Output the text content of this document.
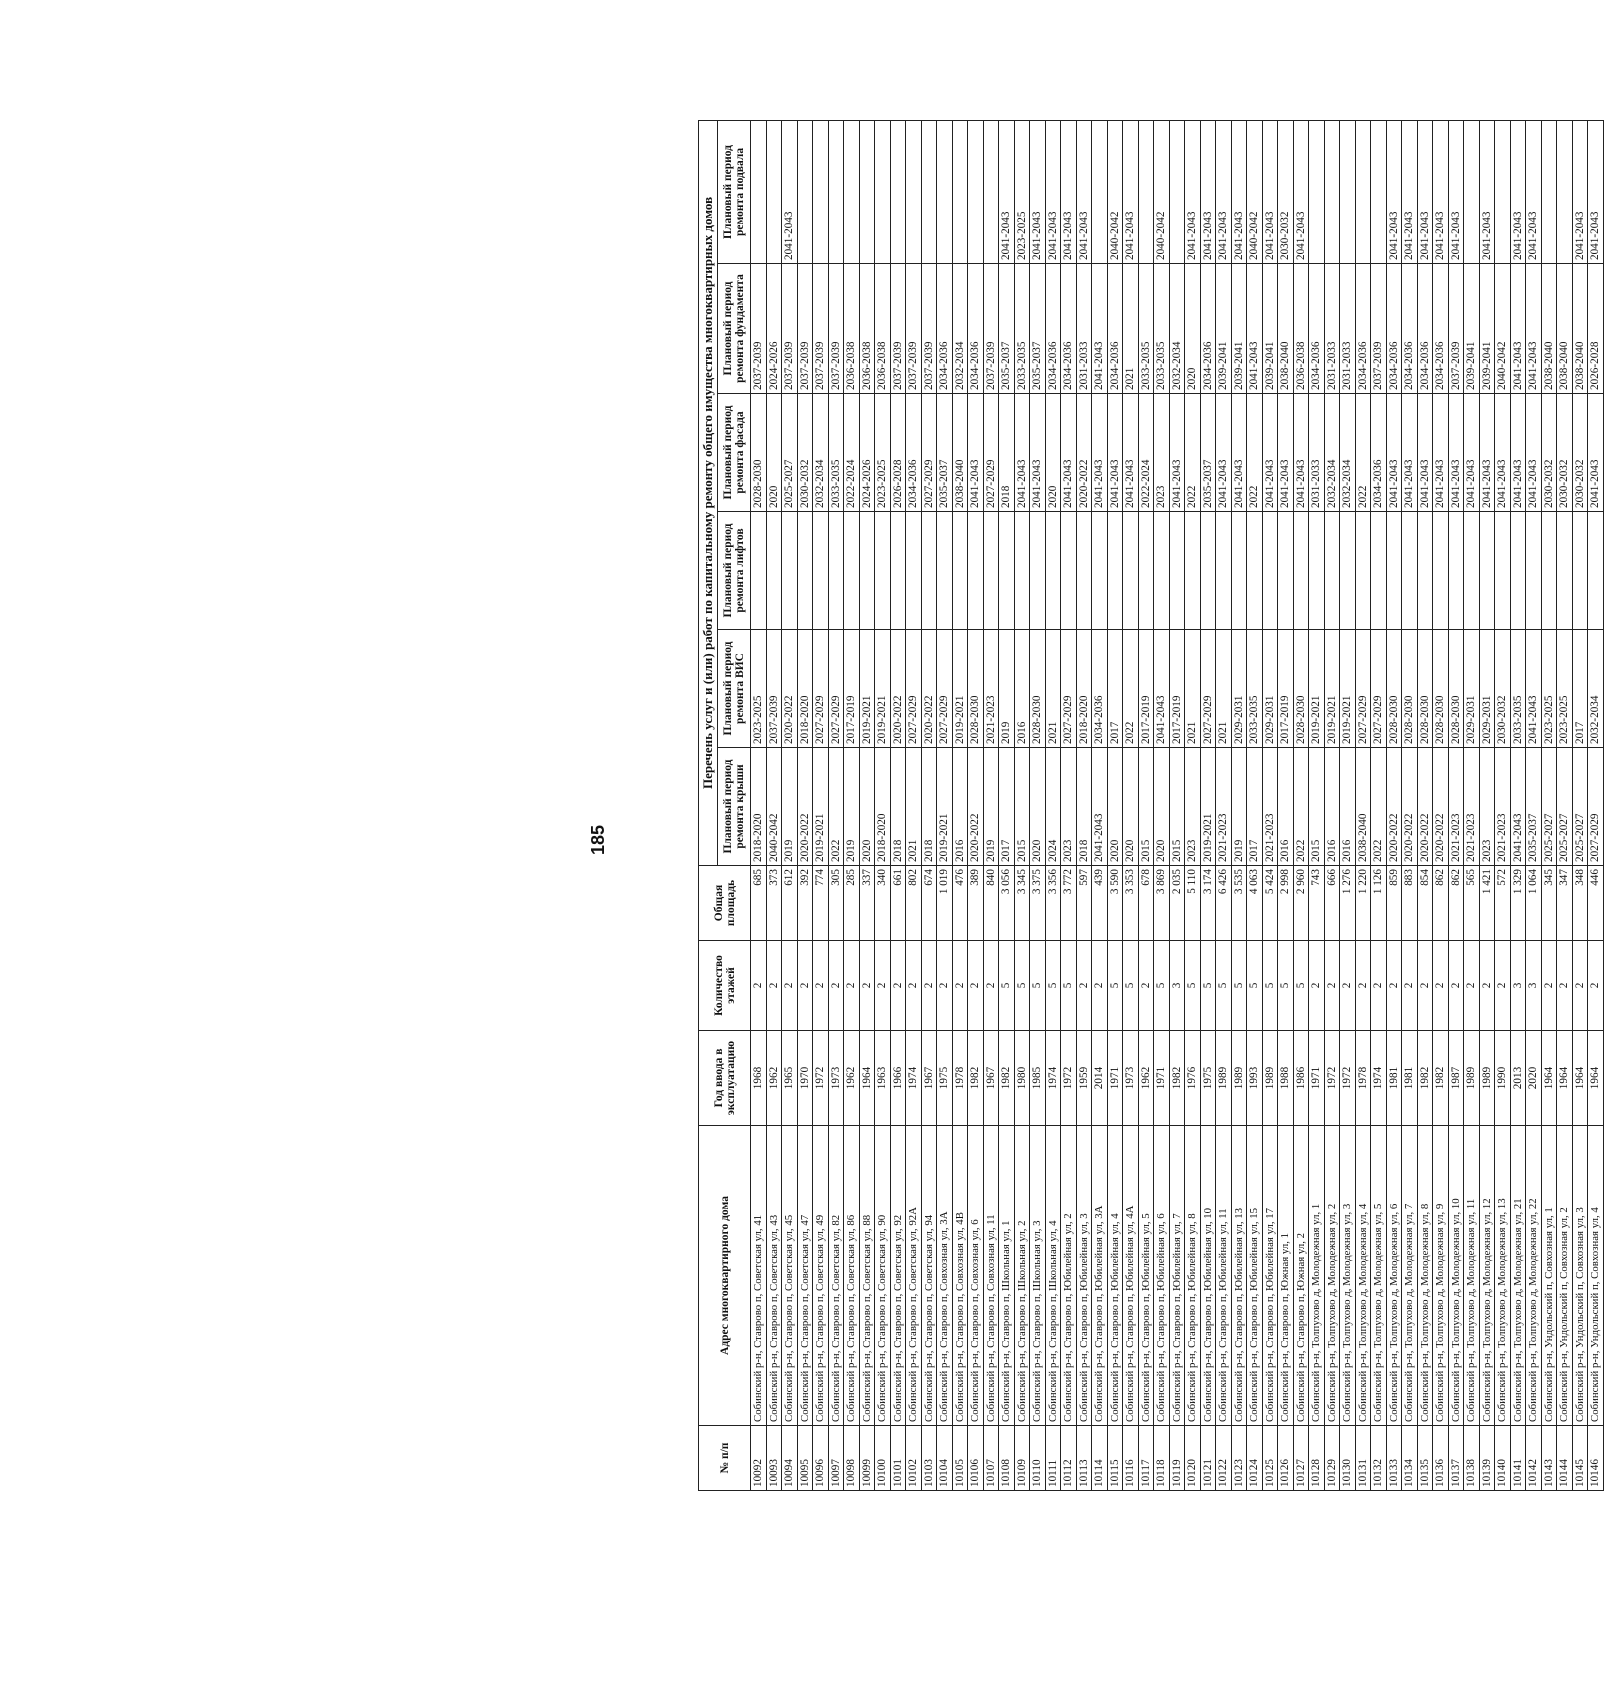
185
№ п/п	Адрес многоквартирного дома	Год ввода в эксплуатацию	Количество этажей	Общая площадь	Перечень услуг и (или) работ по капитальному ремонту общего имущества многоквартирных домов					
					Плановый период ремонта крыши	Плановый период ремонта ВИС	Плановый период ремонта лифтов	Плановый период ремонта фасада	Плановый период ремонта фундамента	Плановый период ремонта подвала
10092	Собинский р-н, Ставрово п, Советская ул, 41	1968	2	685	2018-2020	2023-2025		2028-2030	2037-2039	
10093	Собинский р-н, Ставрово п, Советская ул, 43	1962	2	373	2040-2042	2037-2039		2020	2024-2026	
10094	Собинский р-н, Ставрово п, Советская ул, 45	1965	2	612	2019	2020-2022		2025-2027	2037-2039	2041-2043
10095	Собинский р-н, Ставрово п, Советская ул, 47	1970	2	392	2020-2022	2018-2020		2030-2032	2037-2039	
10096	Собинский р-н, Ставрово п, Советская ул, 49	1972	2	774	2019-2021	2027-2029		2032-2034	2037-2039	
10097	Собинский р-н, Ставрово п, Советская ул, 82	1973	2	305	2022	2027-2029		2033-2035	2037-2039	
10098	Собинский р-н, Ставрово п, Советская ул, 86	1962	2	285	2019	2017-2019		2022-2024	2036-2038	
10099	Собинский р-н, Ставрово п, Советская ул, 88	1964	2	337	2020	2019-2021		2024-2026	2036-2038	
10100	Собинский р-н, Ставрово п, Советская ул, 90	1963	2	340	2018-2020	2019-2021		2023-2025	2036-2038	
10101	Собинский р-н, Ставрово п, Советская ул, 92	1966	2	661	2018	2020-2022		2026-2028	2037-2039	
10102	Собинский р-н, Ставрово п, Советская ул, 92А	1974	2	802	2021	2027-2029		2034-2036	2037-2039	
10103	Собинский р-н, Ставрово п, Советская ул, 94	1967	2	674	2018	2020-2022		2027-2029	2037-2039	
10104	Собинский р-н, Ставрово п, Совхозная ул, 3А	1975	2	1 019	2019-2021	2027-2029		2035-2037	2034-2036	
10105	Собинский р-н, Ставрово п, Совхозная ул, 4В	1978	2	476	2016	2019-2021		2038-2040	2032-2034	
10106	Собинский р-н, Ставрово п, Совхозная ул, 6	1982	2	389	2020-2022	2028-2030		2041-2043	2034-2036	
10107	Собинский р-н, Ставрово п, Совхозная ул, 11	1967	2	840	2019	2021-2023		2027-2029	2037-2039	
10108	Собинский р-н, Ставрово п, Школьная ул, 1	1982	5	3 056	2017	2019		2018	2035-2037	2041-2043
10109	Собинский р-н, Ставрово п, Школьная ул, 2	1980	5	3 345	2015	2016		2041-2043	2033-2035	2023-2025
10110	Собинский р-н, Ставрово п, Школьная ул, 3	1985	5	3 375	2020	2028-2030		2041-2043	2035-2037	2041-2043
10111	Собинский р-н, Ставрово п, Школьная ул, 4	1974	5	3 356	2024	2021		2020	2034-2036	2041-2043
10112	Собинский р-н, Ставрово п, Юбилейная ул, 2	1972	5	3 772	2023	2027-2029		2041-2043	2034-2036	2041-2043
10113	Собинский р-н, Ставрово п, Юбилейная ул, 3	1959	2	597	2018	2018-2020		2020-2022	2031-2033	2041-2043
10114	Собинский р-н, Ставрово п, Юбилейная ул, 3А	2014	2	439	2041-2043	2034-2036		2041-2043	2041-2043	
10115	Собинский р-н, Ставрово п, Юбилейная ул, 4	1971	5	3 590	2020	2017		2041-2043	2034-2036	2040-2042
10116	Собинский р-н, Ставрово п, Юбилейная ул, 4А	1973	5	3 353	2020	2022		2041-2043	2021	2041-2043
10117	Собинский р-н, Ставрово п, Юбилейная ул, 5	1962	2	678	2015	2017-2019		2022-2024	2033-2035	
10118	Собинский р-н, Ставрово п, Юбилейная ул, 6	1971	5	3 869	2020	2041-2043		2023	2033-2035	2040-2042
10119	Собинский р-н, Ставрово п, Юбилейная ул, 7	1982	3	2 035	2015	2017-2019		2041-2043	2032-2034	
10120	Собинский р-н, Ставрово п, Юбилейная ул, 8	1976	5	5 110	2023	2021		2022	2020	2041-2043
10121	Собинский р-н, Ставрово п, Юбилейная ул, 10	1975	5	3 174	2019-2021	2027-2029		2035-2037	2034-2036	2041-2043
10122	Собинский р-н, Ставрово п, Юбилейная ул, 11	1989	5	6 426	2021-2023	2021		2041-2043	2039-2041	2041-2043
10123	Собинский р-н, Ставрово п, Юбилейная ул, 13	1989	5	3 535	2019	2029-2031		2041-2043	2039-2041	2041-2043
10124	Собинский р-н, Ставрово п, Юбилейная ул, 15	1993	5	4 063	2017	2033-2035		2022	2041-2043	2040-2042
10125	Собинский р-н, Ставрово п, Юбилейная ул, 17	1989	5	5 424	2021-2023	2029-2031		2041-2043	2039-2041	2041-2043
10126	Собинский р-н, Ставрово п, Южная ул, 1	1988	5	2 998	2016	2017-2019		2041-2043	2038-2040	2030-2032
10127	Собинский р-н, Ставрово п, Южная ул, 2	1986	5	2 960	2022	2028-2030		2041-2043	2036-2038	2041-2043
10128	Собинский р-н, Толпухово д, Молодежная ул, 1	1971	2	743	2015	2019-2021		2031-2033	2034-2036	
10129	Собинский р-н, Толпухово д, Молодежная ул, 2	1972	2	666	2016	2019-2021		2032-2034	2031-2033	
10130	Собинский р-н, Толпухово д, Молодежная ул, 3	1972	2	1 276	2016	2019-2021		2032-2034	2031-2033	
10131	Собинский р-н, Толпухово д, Молодежная ул, 4	1978	2	1 220	2038-2040	2027-2029		2022	2034-2036	
10132	Собинский р-н, Толпухово д, Молодежная ул, 5	1974	2	1 126	2022	2027-2029		2034-2036	2037-2039	
10133	Собинский р-н, Толпухово д, Молодежная ул, 6	1981	2	859	2020-2022	2028-2030		2041-2043	2034-2036	2041-2043
10134	Собинский р-н, Толпухово д, Молодежная ул, 7	1981	2	883	2020-2022	2028-2030		2041-2043	2034-2036	2041-2043
10135	Собинский р-н, Толпухово д, Молодежная ул, 8	1982	2	854	2020-2022	2028-2030		2041-2043	2034-2036	2041-2043
10136	Собинский р-н, Толпухово д, Молодежная ул, 9	1982	2	862	2020-2022	2028-2030		2041-2043	2034-2036	2041-2043
10137	Собинский р-н, Толпухово д, Молодежная ул, 10	1987	2	862	2021-2023	2028-2030		2041-2043	2037-2039	2041-2043
10138	Собинский р-н, Толпухово д, Молодежная ул, 11	1989	2	565	2021-2023	2029-2031		2041-2043	2039-2041	
10139	Собинский р-н, Толпухово д, Молодежная ул, 12	1989	2	1 421	2023	2029-2031		2041-2043	2039-2041	2041-2043
10140	Собинский р-н, Толпухово д, Молодежная ул, 13	1990	2	572	2021-2023	2030-2032		2041-2043	2040-2042	
10141	Собинский р-н, Толпухово д, Молодежная ул, 21	2013	3	1 329	2041-2043	2033-2035		2041-2043	2041-2043	2041-2043
10142	Собинский р-н, Толпухово д, Молодежная ул, 22	2020	3	1 064	2035-2037	2041-2043		2041-2043	2041-2043	2041-2043
10143	Собинский р-н, Ундольский п, Совхозная ул, 1	1964	2	345	2025-2027	2023-2025		2030-2032	2038-2040	
10144	Собинский р-н, Ундольский п, Совхозная ул, 2	1964	2	347	2025-2027	2023-2025		2030-2032	2038-2040	
10145	Собинский р-н, Ундольский п, Совхозная ул, 3	1964	2	348	2025-2027	2017		2030-2032	2038-2040	2041-2043
10146	Собинский р-н, Ундольский п, Совхозная ул, 4	1964	2	446	2027-2029	2032-2034		2041-2043	2026-2028	2041-2043
